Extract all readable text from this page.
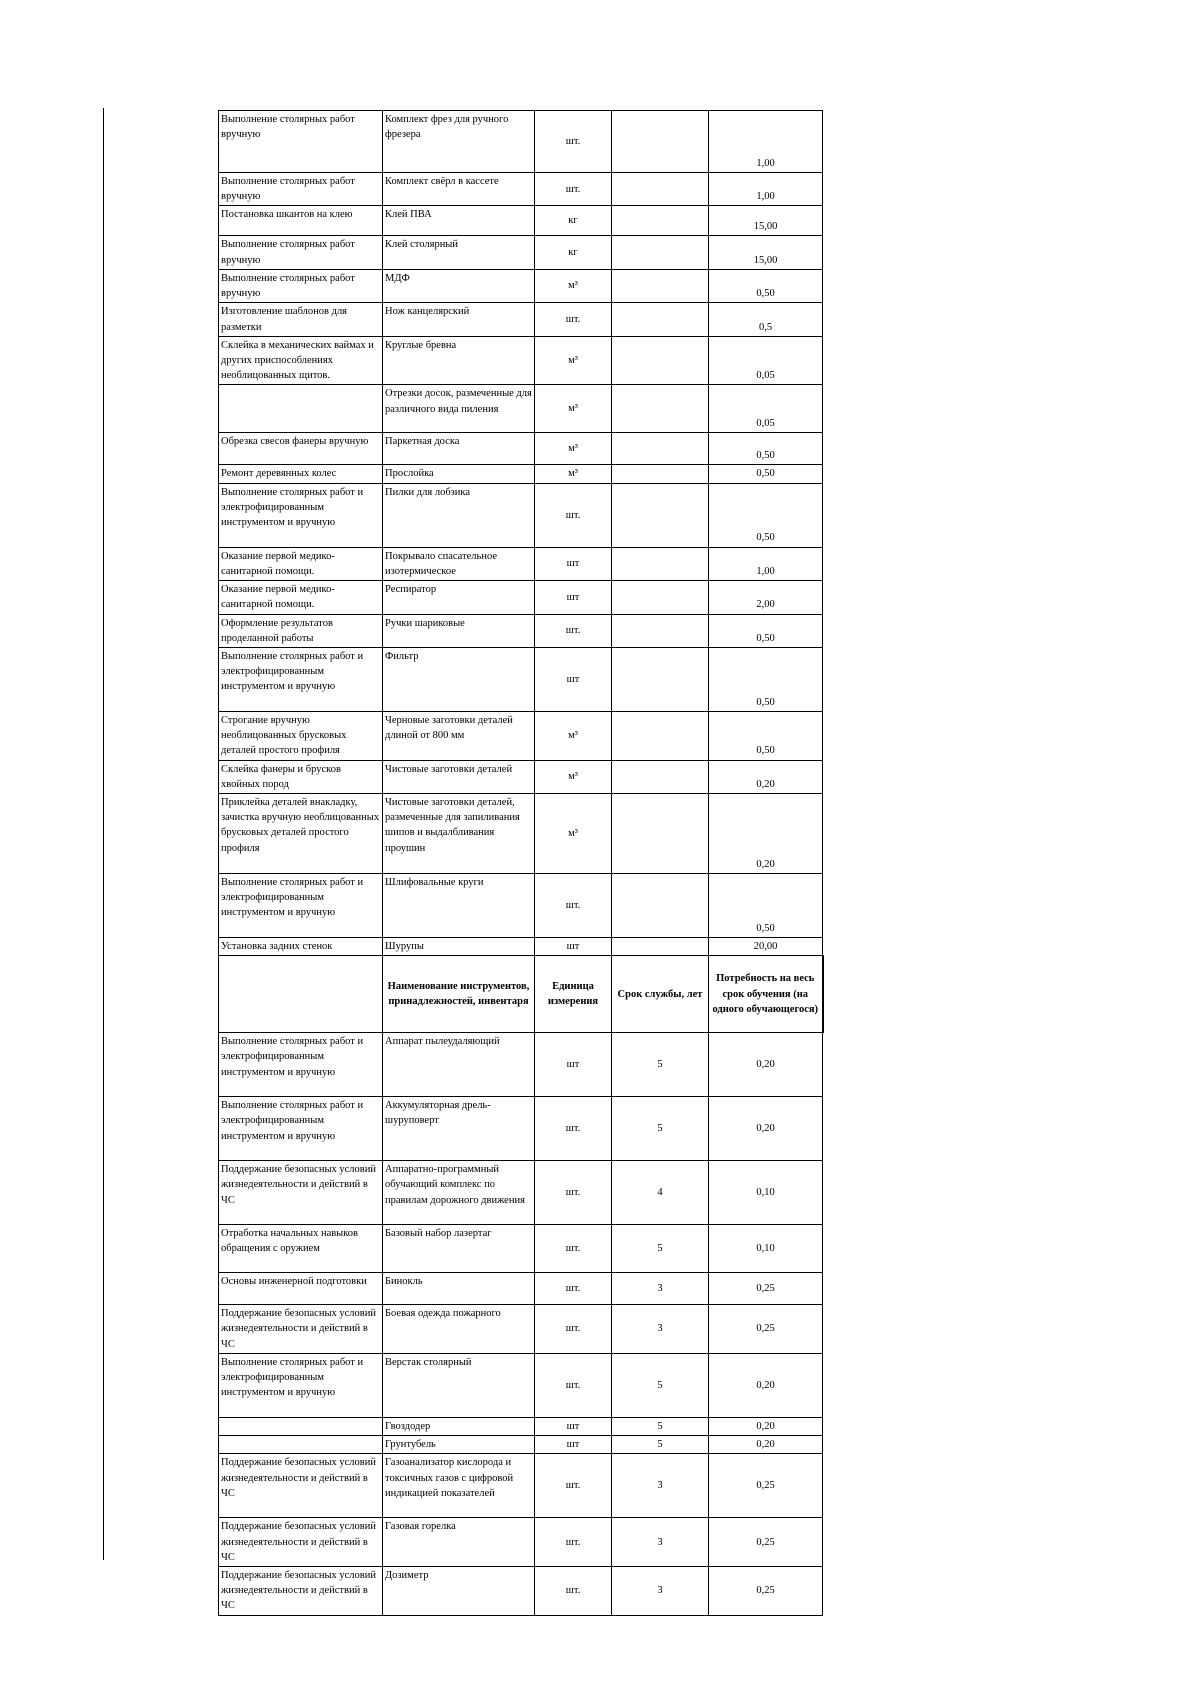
Выполнение столярных работ вручную	Комплект фрез для ручного фрезера	шт.		1,00
Выполнение столярных работ вручную	Комплект свёрл в кассете	шт.		1,00
Постановка шкантов на клею	Клей ПВА	кг		15,00
Выполнение столярных работ вручную	Клей столярный	кг		15,00
Выполнение столярных работ вручную	МДФ	м³		0,50
Изготовление шаблонов для разметки	Нож канцелярский	шт.		0,5
Склейка в механических ваймах и других приспособлениях необлицованных щитов.	Круглые бревна	м³		0,05
	Отрезки досок, размеченные для различного вида пиления	м³		0,05
Обрезка свесов фанеры вручную	Паркетная доска	м³		0,50
Ремонт деревянных колес	Прослойка	м³		0,50
Выполнение столярных работ и электрофицированным инструментом и вручную	Пилки для лобзика	шт.		0,50
Оказание первой медико-санитарной помощи.	Покрывало спасательное изотермическое	шт		1,00
Оказание первой медико-санитарной помощи.	Респиратор	шт		2,00
Оформление результатов проделанной работы	Ручки шариковые	шт.		0,50
Выполнение столярных работ и электрофицированным инструментом и вручную	Фильтр	шт		0,50
Строгание вручную необлицованных брусковых деталей простого профиля	Черновые заготовки деталей длиной от 800 мм	м³		0,50
Склейка фанеры и брусков хвойных пород	Чистовые заготовки деталей	м³		0,20
Приклейка деталей внакладку, зачистка вручную необлицованных брусковых деталей простого профиля	Чистовые заготовки деталей, размеченные для запиливания шипов и выдалбливания проушин	м³		0,20
Выполнение столярных работ и электрофицированным инструментом и вручную	Шлифовальные круги	шт.		0,50
Установка задних стенок	Шурупы	шт		20,00
	Наименование инструментов, принадлежностей, инвентаря	Единица измерения	Срок службы, лет	Потребность на весь срок обучения (на одного обучающегося)
Выполнение столярных работ и электрофицированным инструментом и вручную	Аппарат пылеудаляющий	шт	5	0,20
Выполнение столярных работ и электрофицированным инструментом и вручную	Аккумуляторная дрель-шуруповерт	шт.	5	0,20
Поддержание безопасных условий жизнедеятельности и действий в ЧС	Аппаратно-программный обучающий комплекс по правилам дорожного движения	шт.	4	0,10
Отработка начальных навыков обращения с оружием	Базовый набор лазертаг	шт.	5	0,10
Основы инженерной подготовки	Бинокль	шт.	3	0,25
Поддержание безопасных условий жизнедеятельности и действий в ЧС	Боевая одежда пожарного	шт.	3	0,25
Выполнение столярных работ и электрофицированным инструментом и вручную	Верстак столярный	шт.	5	0,20
	Гвоздодер	шт	5	0,20
	Грунтубель	шт	5	0,20
Поддержание безопасных условий жизнедеятельности и действий в ЧС	Газоанализатор кислорода и токсичных газов с цифровой индикацией показателей	шт.	3	0,25
Поддержание безопасных условий жизнедеятельности и действий в ЧС	Газовая горелка	шт.	3	0,25
Поддержание безопасных условий жизнедеятельности и действий в ЧС	Дозиметр	шт.	3	0,25
